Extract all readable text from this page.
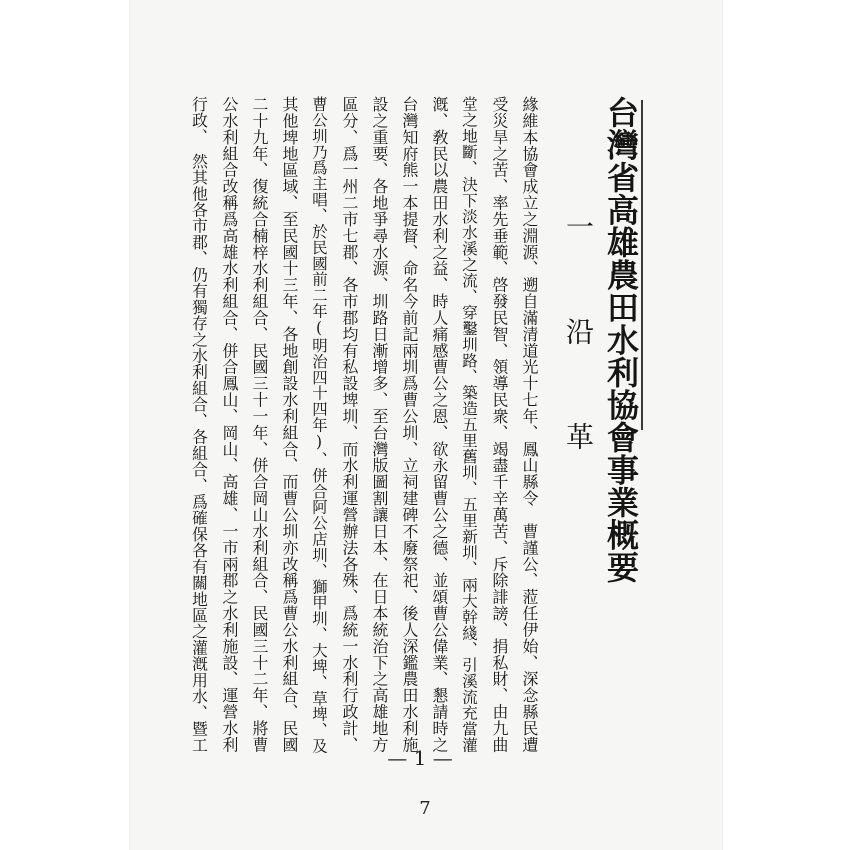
台灣省高雄農田水利協會事業概要
一 沿 革
緣維本協會成立之淵源、遡自滿清道光十七年、鳳山縣令　曹謹公、蒞任伊始、深念縣民遭
受災旱之苦、率先垂範、啓發民智、領導民衆、竭盡千辛萬苦、斥除誹謗、捐私財、由九曲
堂之地斷、決下淡水溪之流、穿鑿圳路、築造五里舊圳、五里新圳、兩大幹綫、引溪流充當灌
漑、敎民以農田水利之益、時人痛感曹公之恩、欲永留曹公之德、並頌曹公偉業、懇請時之
台灣知府熊一本提督、命名今前記兩圳爲曹公圳、立祠建碑不廢祭祀、後人深鑑農田水利施
設之重要、各地爭尋水源、圳路日漸增多、至台灣版圖割讓日本、在日本統治下之高雄地方
區分、爲一州二市七郡、各市郡均有私設埤圳、而水利運營辦法各殊、爲統一水利行政計、
曹公圳乃爲主唱、於民國前二年(明治四十四年)、併合阿公店圳、獅甲圳、大埤、草埤、及
其他埤地區域、至民國十三年、各地創設水利組合、而曹公圳亦改稱爲曹公水利組合、民國
二十九年、復統合楠梓水利組合、民國三十一年、併合岡山水利組合、民國三十二年、將曹
公水利組合改稱爲高雄水利組合、併合鳳山、岡山、高雄、一市兩郡之水利施設、運營水利
行政、　然其他各市郡、仍有獨存之水利組合、各組合、爲確保各有關地區之灌漑用水、暨工
— 1 —
7
